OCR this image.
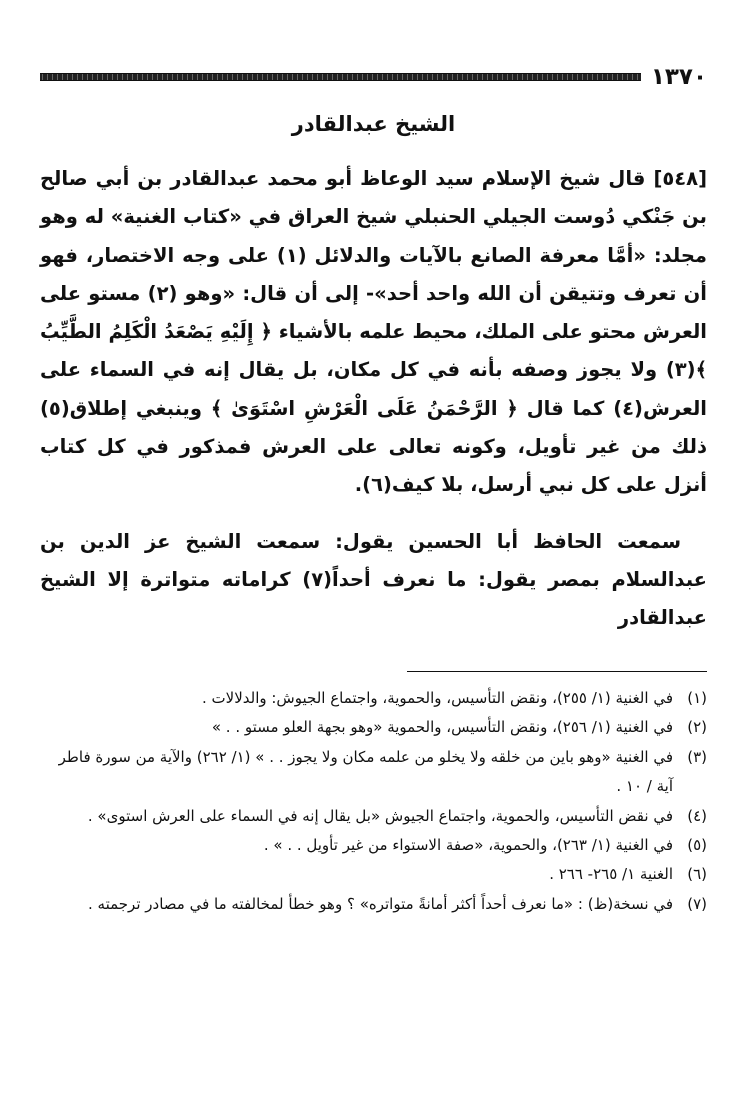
١٣٧٠
الشيخ عبدالقادر

[٥٤٨] قال شيخ الإسلام سيد الوعاظ أبو محمد عبدالقادر بن أبي صالح بن جَنْكي دُوست الجيلي الحنبلي شيخ العراق في «كتاب الغنية» له وهو مجلد: «أمَّا معرفة الصانع بالآيات والدلائل (١) على وجه الاختصار، فهو أن تعرف وتتيقن أن الله واحد أحد»- إلى أن قال: «وهو (٢) مستو على العرش محتو على الملك، محيط علمه بالأشياء ﴿ إِلَيْهِ يَصْعَدُ الْكَلِمُ الطَّيِّبُ ﴾(٣) ولا يجوز وصفه بأنه في كل مكان، بل يقال إنه في السماء على العرش(٤) كما قال ﴿ الرَّحْمَنُ عَلَى الْعَرْشِ اسْتَوَىٰ ﴾ وينبغي إطلاق(٥) ذلك من غير تأويل، وكونه تعالى على العرش فمذكور في كل كتاب أنزل على كل نبي أرسل، بلا كيف(٦).

سمعت الحافظ أبا الحسين يقول: سمعت الشيخ عز الدين بن عبدالسلام بمصر يقول: ما نعرف أحداً(٧) كراماته متواترة إلا الشيخ عبدالقادر

(١)
في الغنية (١/ ٢٥٥)، ونقض التأسيس، والحموية، واجتماع الجيوش: والدلالات .
(٢)
في الغنية (١/ ٢٥٦)، ونقض التأسيس، والحموية «وهو بجهة العلو مستو . . »
(٣)
في الغنية «وهو باين من خلقه ولا يخلو من علمه مكان ولا يجوز . . » (١/ ٢٦٢) والآية من سورة فاطر آية / ١٠ .
(٤)
في نقض التأسيس، والحموية، واجتماع الجيوش «بل يقال إنه في السماء على العرش استوى» .
(٥)
في الغنية (١/ ٢٦٣)، والحموية، «صفة الاستواء من غير تأويل . . » .
(٦)
الغنية ١/ ٢٦٥- ٢٦٦ .
(٧)
في نسخة(ظ) : «ما نعرف أحداً أكثر أمانةً متواتره» ؟ وهو خطأ لمخالفته ما في مصادر ترجمته .
